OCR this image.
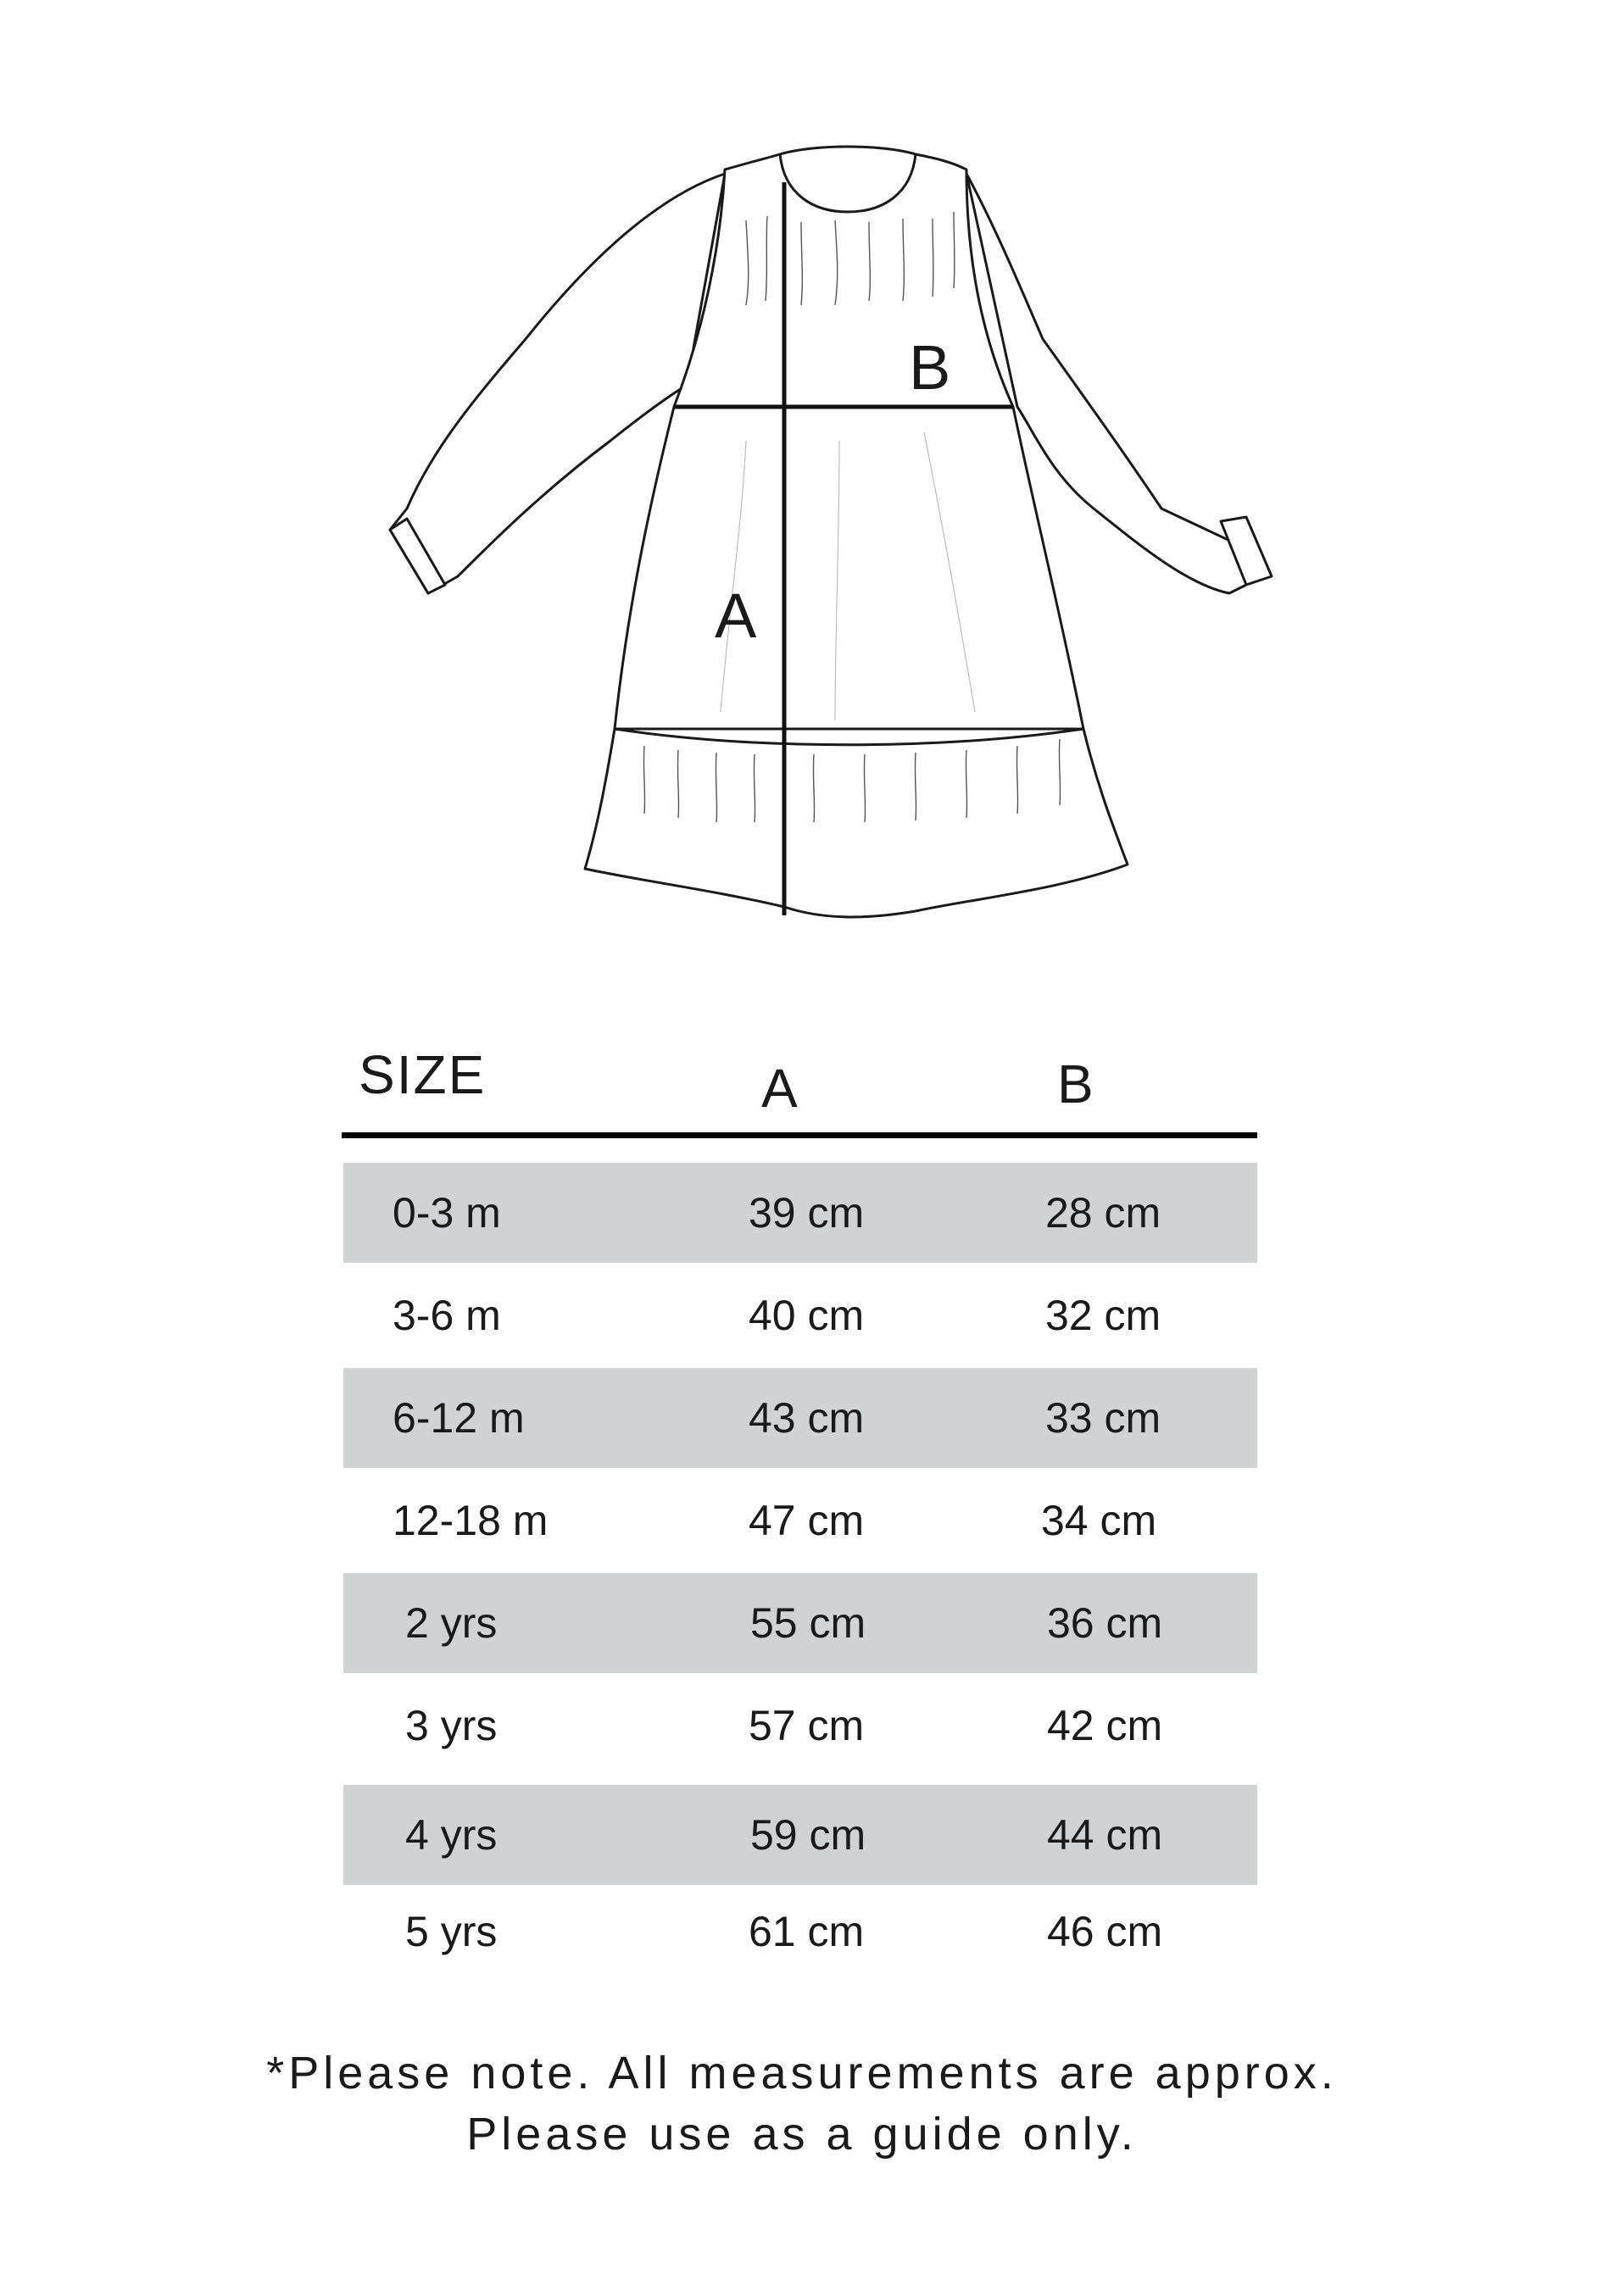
B
A
SIZE	A	B
0-3 m	39 cm	28 cm
3-6 m	40 cm	32 cm
6-12 m	43 cm	33 cm
12-18 m	47 cm	34 cm
2 yrs	55 cm	36 cm
3 yrs	57 cm	42 cm
4 yrs	59 cm	44 cm
5 yrs	61 cm	46 cm
*Please note. All measurements are approx.
Please use as a guide only.
